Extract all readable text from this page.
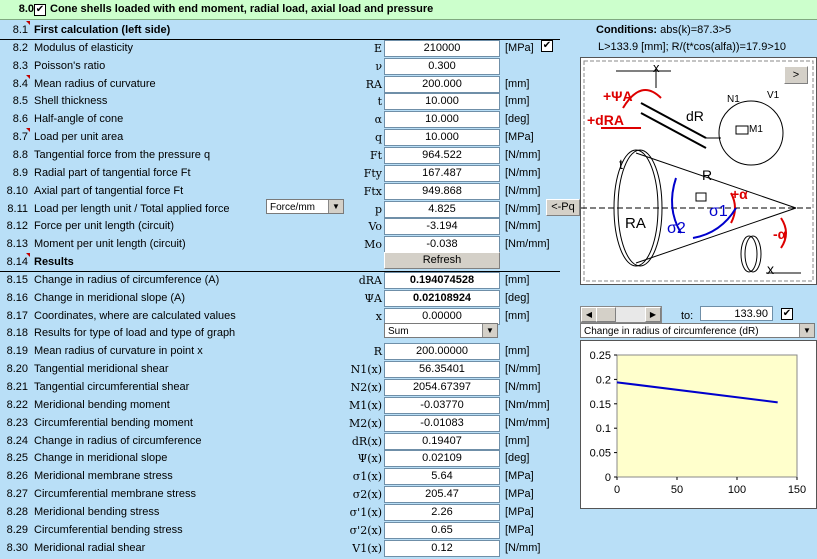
8.0 ✔ Cone shells loaded with end moment, radial load, axial load and pressure
8.1 First calculation (left side)
8.2 Modulus of elasticity	E	210000	[MPa]
8.3 Poisson's ratio	ν	0.300
8.4 Mean radius of curvature	RA	200.000	[mm]
8.5 Shell thickness	t	10.000	[mm]
8.6 Half-angle of cone	α	10.000	[deg]
8.7 Load per unit area	q	10.000	[MPa]
8.8 Tangential force from the pressure q	Ft	964.522	[N/mm]
8.9 Radial part of tangential force Ft	Fty	167.487	[N/mm]
8.10 Axial part of tangential force Ft	Ftx	949.868	[N/mm]
8.11 Load per length unit / Total applied force	p	4.825	[N/mm]
8.12 Force per unit length (circuit)	Vo	-3.194	[N/mm]
8.13 Moment per unit length (circuit)	Mo	-0.038	[Nm/mm]
8.14 Results
8.15 Change in radius of circumference (A)	dRA	0.194074528	[mm]
8.16 Change in meridional slope (A)	ΨA	0.02108924	[deg]
8.17 Coordinates, where are calculated values	x	0.00000	[mm]
8.18 Results for type of load and type of graph
8.19 Mean radius of curvature in point x	R	200.00000	[mm]
8.20 Tangential meridional shear	N1(x)	56.35401	[N/mm]
8.21 Tangential circumferential shear	N2(x)	2054.67397	[N/mm]
8.22 Meridional bending moment	M1(x)	-0.03770	[Nm/mm]
8.23 Circumferential bending moment	M2(x)	-0.01083	[Nm/mm]
8.24 Change in radius of circumference	dR(x)	0.19407	[mm]
8.25 Change in meridional slope	Ψ(x)	0.02109	[deg]
8.26 Meridional membrane stress	σ1(x)	5.64	[MPa]
8.27 Circumferential membrane stress	σ2(x)	205.47	[MPa]
8.28 Meridional bending stress	σ'1(x)	2.26	[MPa]
8.29 Circumferential bending stress	σ'2(x)	0.65	[MPa]
8.30 Meridional radial shear	V1(x)	0.12	[N/mm]
Force/mm	▼	<-Pq
Refresh
Sum	▼
✔
Conditions: abs(k)=87.3>5
L>133.9 [mm]; R/(t*cos(alfa))=17.9>10
>
x
+ΨA
+dRA	dR
t
R
+α
RA σ2
σ1
-α
x
N1	V1
M1
◀	▶	to:	133.90	✔
Change in radius of circumference (dR)	▼
0
0.05
0.1
0.15
0.2
0.25
0	50	100	150
